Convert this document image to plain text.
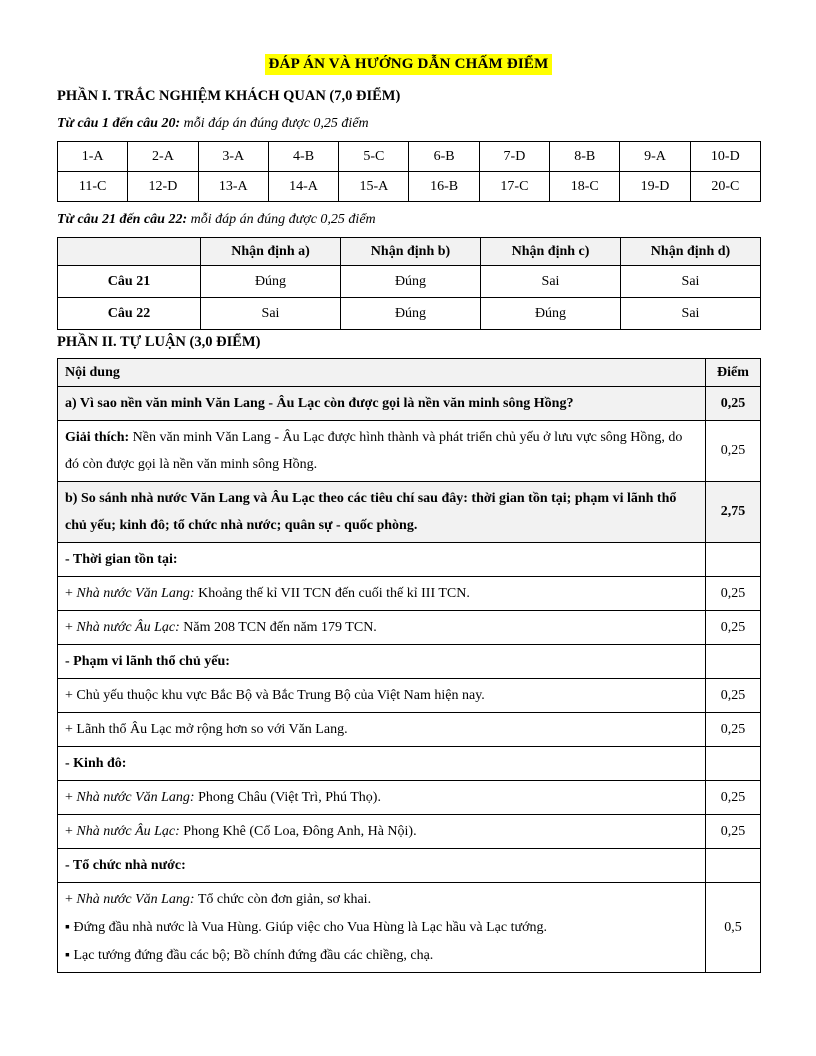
ĐÁP ÁN VÀ HƯỚNG DẪN CHẤM ĐIỂM
PHẦN I. TRẮC NGHIỆM KHÁCH QUAN (7,0 ĐIỂM)

Từ câu 1 đến câu 20: mỗi đáp án đúng được 0,25 điểm

1-A	2-A	3-A	4-B	5-C	6-B	7-D	8-B	9-A	10-D
11-C	12-D	13-A	14-A	15-A	16-B	17-C	18-C	19-D	20-C

Từ câu 21 đến câu 22: mỗi đáp án đúng được 0,25 điểm

	Nhận định a)	Nhận định b)	Nhận định c)	Nhận định d)
Câu 21	Đúng	Đúng	Sai	Sai
Câu 22	Sai	Đúng	Đúng	Sai
PHẦN II. TỰ LUẬN (3,0 ĐIỂM)
Nội dung	Điểm

a) Vì sao nền văn minh Văn Lang - Âu Lạc còn được gọi là nền văn minh sông Hồng?	0,25

Giải thích: Nền văn minh Văn Lang - Âu Lạc được hình thành và phát triển chủ yếu ở lưu vực sông Hồng, do đó còn được gọi là nền văn minh sông Hồng.	0,25

b) So sánh nhà nước Văn Lang và Âu Lạc theo các tiêu chí sau đây: thời gian tồn tại; phạm vi lãnh thổ chủ yếu; kinh đô; tổ chức nhà nước; quân sự - quốc phòng.	2,75

- Thời gian tồn tại:	

+ Nhà nước Văn Lang: Khoảng thế kỉ VII TCN đến cuối thế kỉ III TCN.	0,25

+ Nhà nước Âu Lạc: Năm 208 TCN đến năm 179 TCN.	0,25

- Phạm vi lãnh thổ chủ yếu:	

+ Chủ yếu thuộc khu vực Bắc Bộ và Bắc Trung Bộ của Việt Nam hiện nay.	0,25

+ Lãnh thổ Âu Lạc mở rộng hơn so với Văn Lang.	0,25

- Kinh đô:	

+ Nhà nước Văn Lang: Phong Châu (Việt Trì, Phú Thọ).	0,25

+ Nhà nước Âu Lạc: Phong Khê (Cổ Loa, Đông Anh, Hà Nội).	0,25

- Tổ chức nhà nước:	

+ Nhà nước Văn Lang: Tổ chức còn đơn giản, sơ khai.
▪ Đứng đầu nhà nước là Vua Hùng. Giúp việc cho Vua Hùng là Lạc hầu và Lạc tướng.
▪ Lạc tướng đứng đầu các bộ; Bồ chính đứng đầu các chiềng, chạ.	0,5
